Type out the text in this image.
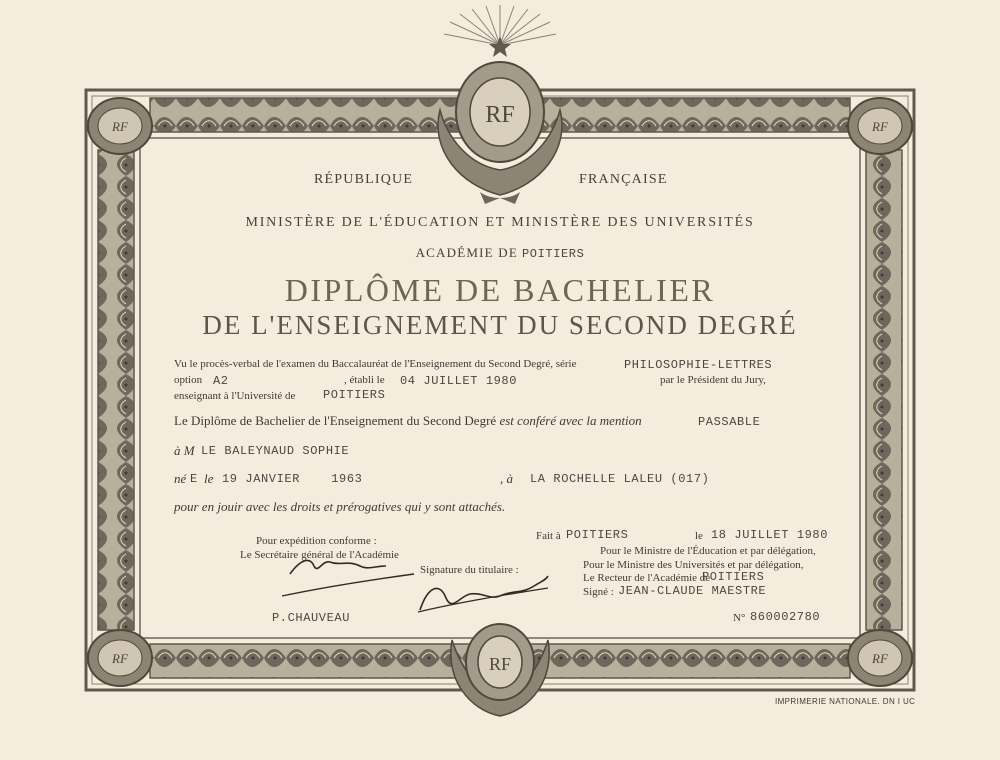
RF	RF
RF	RF
RF
RF
RÉPUBLIQUE	FRANÇAISE
MINISTÈRE DE L'ÉDUCATION ET MINISTÈRE DES UNIVERSITÉS
ACADÉMIE DE POITIERS
DIPLÔME DE BACHELIER
DE L'ENSEIGNEMENT DU SECOND DEGRÉ
Vu le procès-verbal de l'examen du Baccalauréat de l'Enseignement du Second Degré, série	PHILOSOPHIE-LETTRES
option A2	, établi le 04 JUILLET 1980	par le Président du Jury,
enseignant à l'Université de POITIERS
Le Diplôme de Bachelier de l'Enseignement du Second Degré est conféré avec la mention	PASSABLE
à M LE BALEYNAUD SOPHIE
né E le 19 JANVIER    1963	, à LA ROCHELLE LALEU (017)
pour en jouir avec les droits et prérogatives qui y sont attachés.
Pour expédition conforme :
Le Secrétaire général de l'Académie
Signature du titulaire :
P.CHAUVEAU
Fait à POITIERS	le 18 JUILLET 1980
Pour le Ministre de l'Éducation et par délégation,
Pour le Ministre des Universités et par délégation,
Le Recteur de l'Académie de
POITIERS
Signé : JEAN-CLAUDE MAESTRE
N° 860002780
IMPRIMERIE NATIONALE. DN I UC
